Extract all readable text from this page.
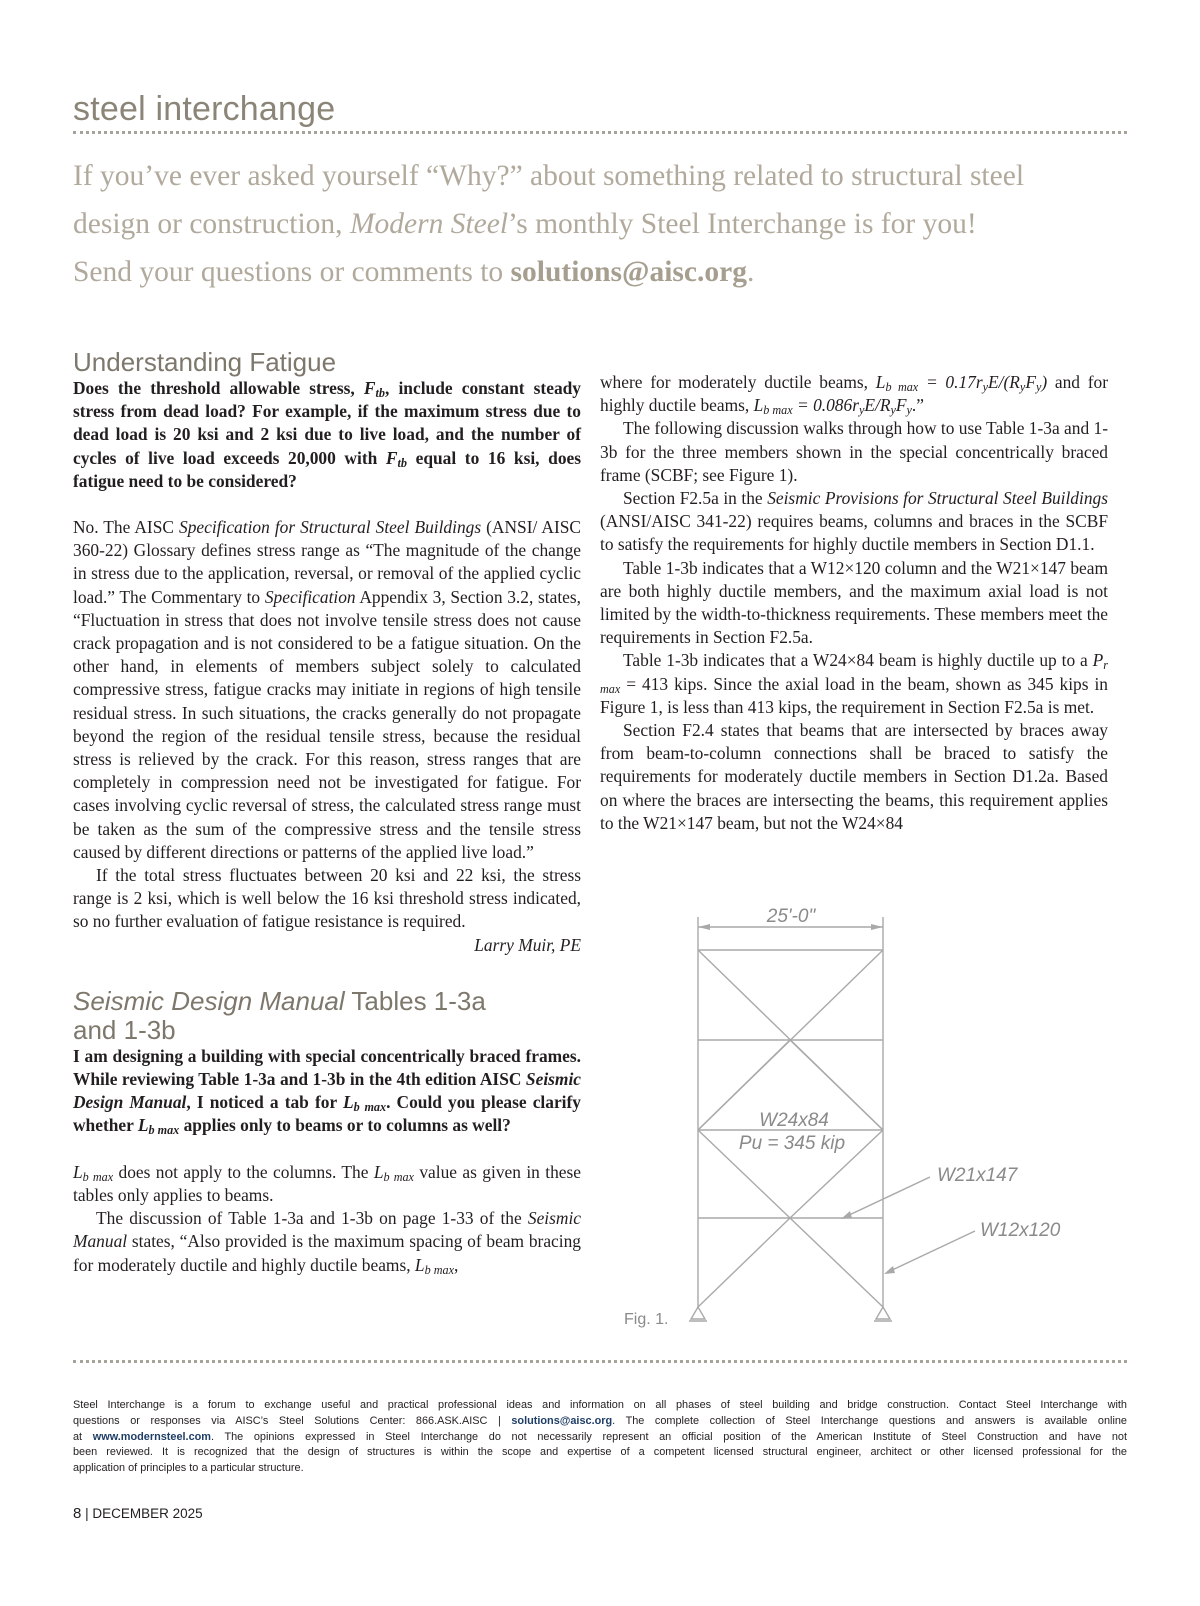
steel interchange

If you’ve ever asked yourself “Why?” about something related to structural steel
design or construction, Modern Steel’s monthly Steel Interchange is for you!
Send your questions or comments to solutions@aisc.org.

Understanding Fatigue

Does the threshold allowable stress, $F_{tb}$, include constant steady stress from dead load? For example, if the maximum stress due to dead load is 20 ksi and 2 ksi due to live load, and the number of cycles of live load exceeds 20,000 with $F_{tb}$ equal to 16 ksi, does fatigue need to be considered?

No. The AISC Specification for Structural Steel Buildings (ANSI/ AISC 360-22) Glossary defines stress range as “The magnitude of the change in stress due to the application, reversal, or removal of the applied cyclic load.” The Commentary to Specification Appendix 3, Section 3.2, states, “Fluctuation in stress that does not involve tensile stress does not cause crack propagation and is not considered to be a fatigue situation. On the other hand, in elements of members subject solely to calculated compressive stress, fatigue cracks may initiate in regions of high tensile residual stress. In such situations, the cracks generally do not propagate beyond the region of the residual tensile stress, because the residual stress is relieved by the crack. For this reason, stress ranges that are completely in compression need not be investigated for fatigue. For cases involving cyclic reversal of stress, the calculated stress range must be taken as the sum of the compressive stress and the tensile stress caused by different directions or patterns of the applied live load.”

If the total stress fluctuates between 20 ksi and 22 ksi, the stress range is 2 ksi, which is well below the 16 ksi threshold stress indicated, so no further evaluation of fatigue resistance is required.

Larry Muir, PE

Seismic Design Manual Tables 1-3a
and 1-3b

I am designing a building with special concentrically braced frames. While reviewing Table 1-3a and 1-3b in the 4th edition AISC Seismic Design Manual, I noticed a tab for $L_{b max}$. Could you please clarify whether $L_{b max}$ applies only to beams or to columns as well?

$L_{b max}$ does not apply to the columns. The $L_{b max}$ value as given in these tables only applies to beams.

The discussion of Table 1-3a and 1-3b on page 1-33 of the Seismic Manual states, “Also provided is the maximum spacing of beam bracing for moderately ductile and highly ductile beams, $L_{b max}$,

where for moderately ductile beams, $L_{b max} = 0.17r_yE/(R_yF_y)$ and for highly ductile beams, $L_{b max} = 0.086r_yE/R_yF_y$.”

The following discussion walks through how to use Table 1-3a and 1-3b for the three members shown in the special concentrically braced frame (SCBF; see Figure 1).

Section F2.5a in the Seismic Provisions for Structural Steel Buildings (ANSI/AISC 341-22) requires beams, columns and braces in the SCBF to satisfy the requirements for highly ductile members in Section D1.1.

Table 1-3b indicates that a W12×120 column and the W21×147 beam are both highly ductile members, and the maximum axial load is not limited by the width-to-thickness requirements. These members meet the requirements in Section F2.5a.

Table 1-3b indicates that a W24×84 beam is highly ductile up to a $P_{r max} = 413$ kips. Since the axial load in the beam, shown as 345 kips in Figure 1, is less than 413 kips, the requirement in Section F2.5a is met.

Section F2.4 states that beams that are intersected by braces away from beam-to-column connections shall be braced to satisfy the requirements for moderately ductile members in Section D1.2a. Based on where the braces are intersecting the beams, this requirement applies to the W21×147 beam, but not the W24×84

25'-0"
W24x84
Pu = 345 kip
W21x147
W12x120
Fig. 1.

Steel Interchange is a forum to exchange useful and practical professional ideas and information on all phases of steel building and bridge construction. Contact Steel Interchange with
questions or responses via AISC’s Steel Solutions Center: 866.ASK.AISC | solutions@aisc.org. The complete collection of Steel Interchange questions and answers is available online
at www.modernsteel.com. The opinions expressed in Steel Interchange do not necessarily represent an official position of the American Institute of Steel Construction and have not
been reviewed. It is recognized that the design of structures is within the scope and expertise of a competent licensed structural engineer, architect or other licensed professional for the
application of principles to a particular structure.

8 | DECEMBER 2025
